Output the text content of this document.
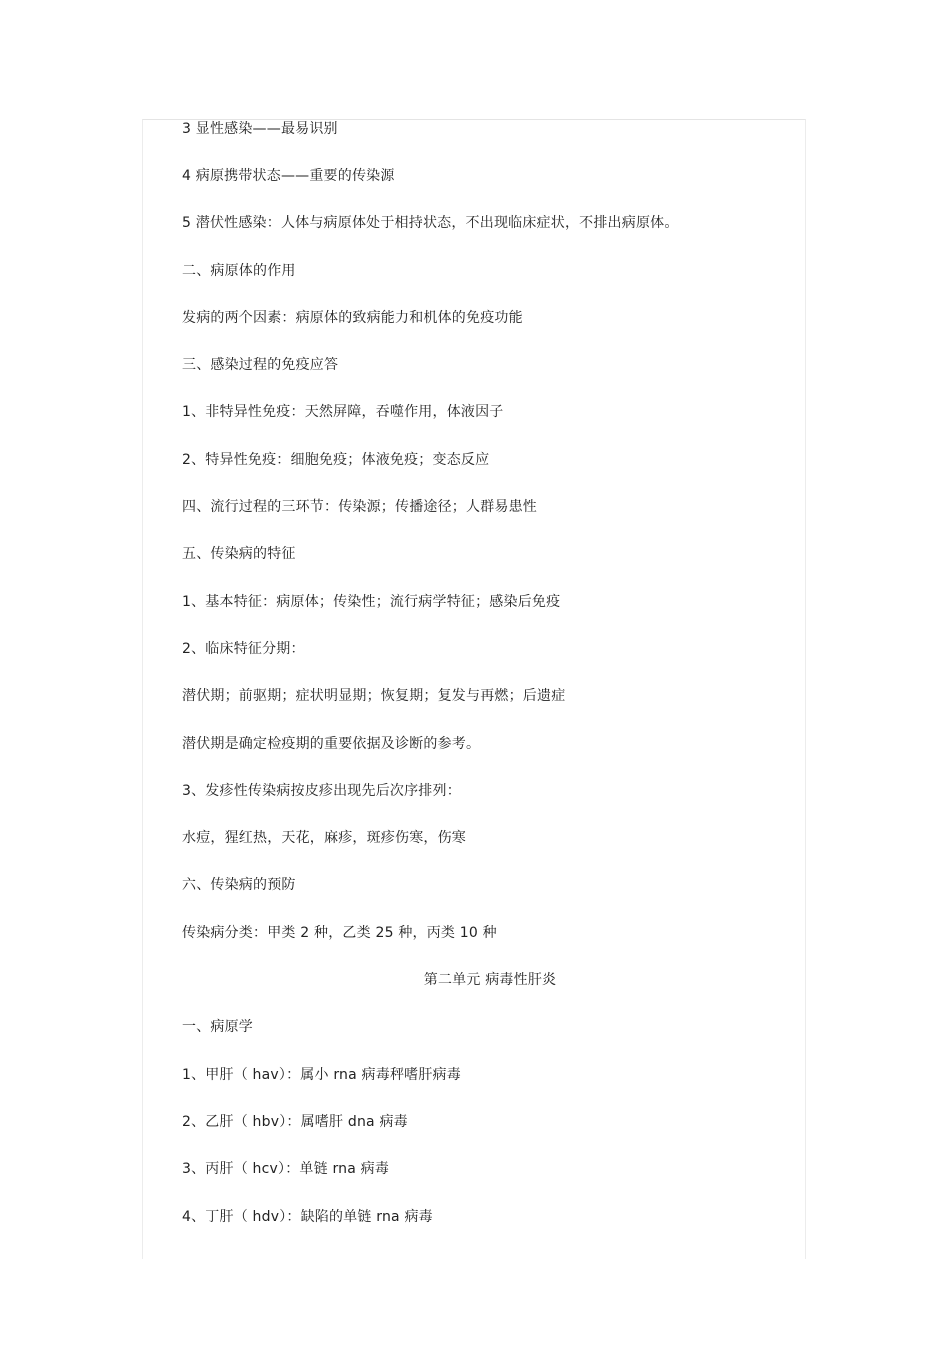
3 显性感染——最易识别
4 病原携带状态——重要的传染源
5 潜伏性感染：人体与病原体处于相持状态，不出现临床症状，不排出病原体。
二、病原体的作用
发病的两个因素：病原体的致病能力和机体的免疫功能
三、感染过程的免疫应答
1、非特异性免疫：天然屏障，吞噬作用，体液因子
2、特异性免疫：细胞免疫；体液免疫；变态反应
四、流行过程的三环节：传染源；传播途径；人群易患性
五、传染病的特征
1、基本特征：病原体；传染性；流行病学特征；感染后免疫
2、临床特征分期：
潜伏期；前驱期；症状明显期；恢复期；复发与再燃；后遗症
潜伏期是确定检疫期的重要依据及诊断的参考。
3、发疹性传染病按皮疹出现先后次序排列：
水痘，猩红热，天花，麻疹，斑疹伤寒，伤寒
六、传染病的预防
传染病分类：甲类 2 种，乙类 25 种，丙类 10 种
第二单元 病毒性肝炎
一、病原学
1、甲肝（ hav）：属小 rna 病毒秤嗜肝病毒
2、乙肝（ hbv）：属嗜肝 dna 病毒
3、丙肝（ hcv）：单链 rna 病毒
4、丁肝（ hdv）：缺陷的单链 rna 病毒
